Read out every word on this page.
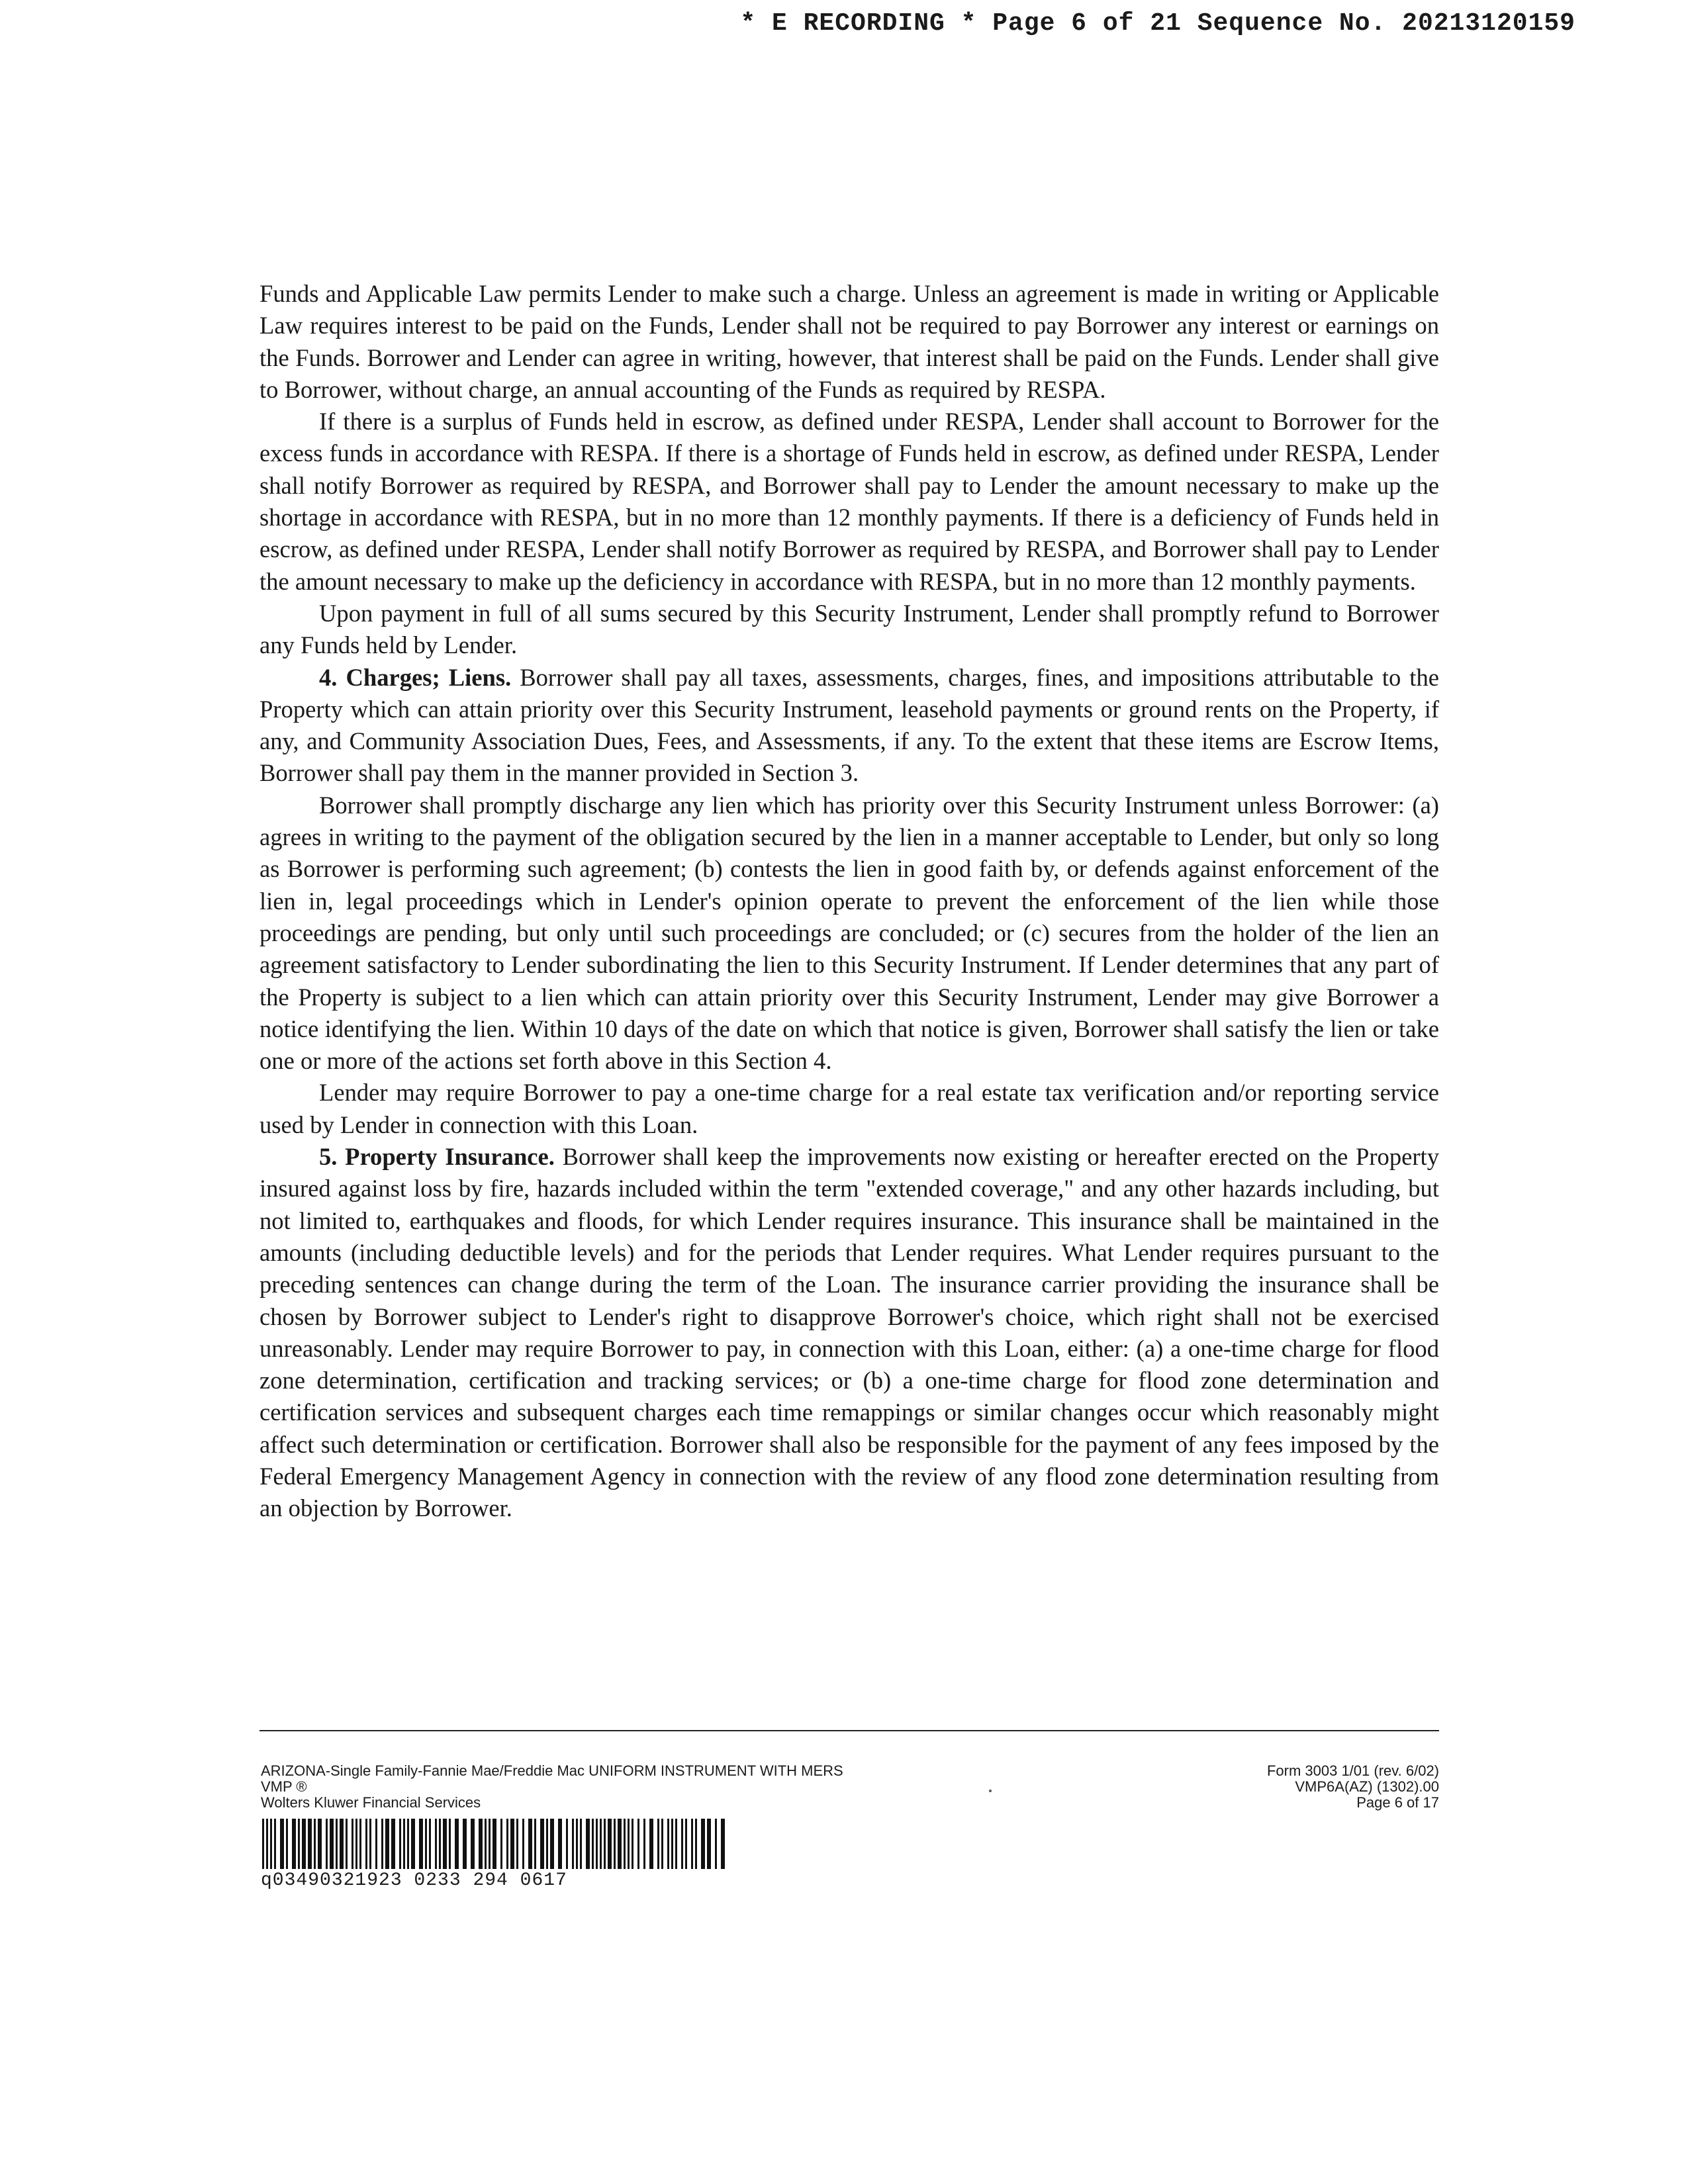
* E RECORDING * Page 6 of 21 Sequence No. 20213120159

Funds and Applicable Law permits Lender to make such a charge. Unless an agreement is made in writing or Applicable Law requires interest to be paid on the Funds, Lender shall not be required to pay Borrower any interest or earnings on the Funds. Borrower and Lender can agree in writing, however, that interest shall be paid on the Funds. Lender shall give to Borrower, without charge, an annual accounting of the Funds as required by RESPA.

If there is a surplus of Funds held in escrow, as defined under RESPA, Lender shall account to Borrower for the excess funds in accordance with RESPA. If there is a shortage of Funds held in escrow, as defined under RESPA, Lender shall notify Borrower as required by RESPA, and Borrower shall pay to Lender the amount necessary to make up the shortage in accordance with RESPA, but in no more than 12 monthly payments. If there is a deficiency of Funds held in escrow, as defined under RESPA, Lender shall notify Borrower as required by RESPA, and Borrower shall pay to Lender the amount necessary to make up the deficiency in accordance with RESPA, but in no more than 12 monthly payments.

Upon payment in full of all sums secured by this Security Instrument, Lender shall promptly refund to Borrower any Funds held by Lender.

4. Charges; Liens. Borrower shall pay all taxes, assessments, charges, fines, and impositions attributable to the Property which can attain priority over this Security Instrument, leasehold payments or ground rents on the Property, if any, and Community Association Dues, Fees, and Assessments, if any. To the extent that these items are Escrow Items, Borrower shall pay them in the manner provided in Section 3.

Borrower shall promptly discharge any lien which has priority over this Security Instrument unless Borrower: (a) agrees in writing to the payment of the obligation secured by the lien in a manner acceptable to Lender, but only so long as Borrower is performing such agreement; (b) contests the lien in good faith by, or defends against enforcement of the lien in, legal proceedings which in Lender's opinion operate to prevent the enforcement of the lien while those proceedings are pending, but only until such proceedings are concluded; or (c) secures from the holder of the lien an agreement satisfactory to Lender subordinating the lien to this Security Instrument. If Lender determines that any part of the Property is subject to a lien which can attain priority over this Security Instrument, Lender may give Borrower a notice identifying the lien. Within 10 days of the date on which that notice is given, Borrower shall satisfy the lien or take one or more of the actions set forth above in this Section 4.

Lender may require Borrower to pay a one-time charge for a real estate tax verification and/or reporting service used by Lender in connection with this Loan.

5. Property Insurance. Borrower shall keep the improvements now existing or hereafter erected on the Property insured against loss by fire, hazards included within the term "extended coverage," and any other hazards including, but not limited to, earthquakes and floods, for which Lender requires insurance. This insurance shall be maintained in the amounts (including deductible levels) and for the periods that Lender requires. What Lender requires pursuant to the preceding sentences can change during the term of the Loan. The insurance carrier providing the insurance shall be chosen by Borrower subject to Lender's right to disapprove Borrower's choice, which right shall not be exercised unreasonably. Lender may require Borrower to pay, in connection with this Loan, either: (a) a one-time charge for flood zone determination, certification and tracking services; or (b) a one-time charge for flood zone determination and certification services and subsequent charges each time remappings or similar changes occur which reasonably might affect such determination or certification. Borrower shall also be responsible for the payment of any fees imposed by the Federal Emergency Management Agency in connection with the review of any flood zone determination resulting from an objection by Borrower.

ARIZONA-Single Family-Fannie Mae/Freddie Mac UNIFORM INSTRUMENT WITH MERS
VMP ®
Wolters Kluwer Financial Services
Form 3003 1/01 (rev. 6/02)
VMP6A(AZ) (1302).00
Page 6 of 17
q03490321923 0233 294 0617
